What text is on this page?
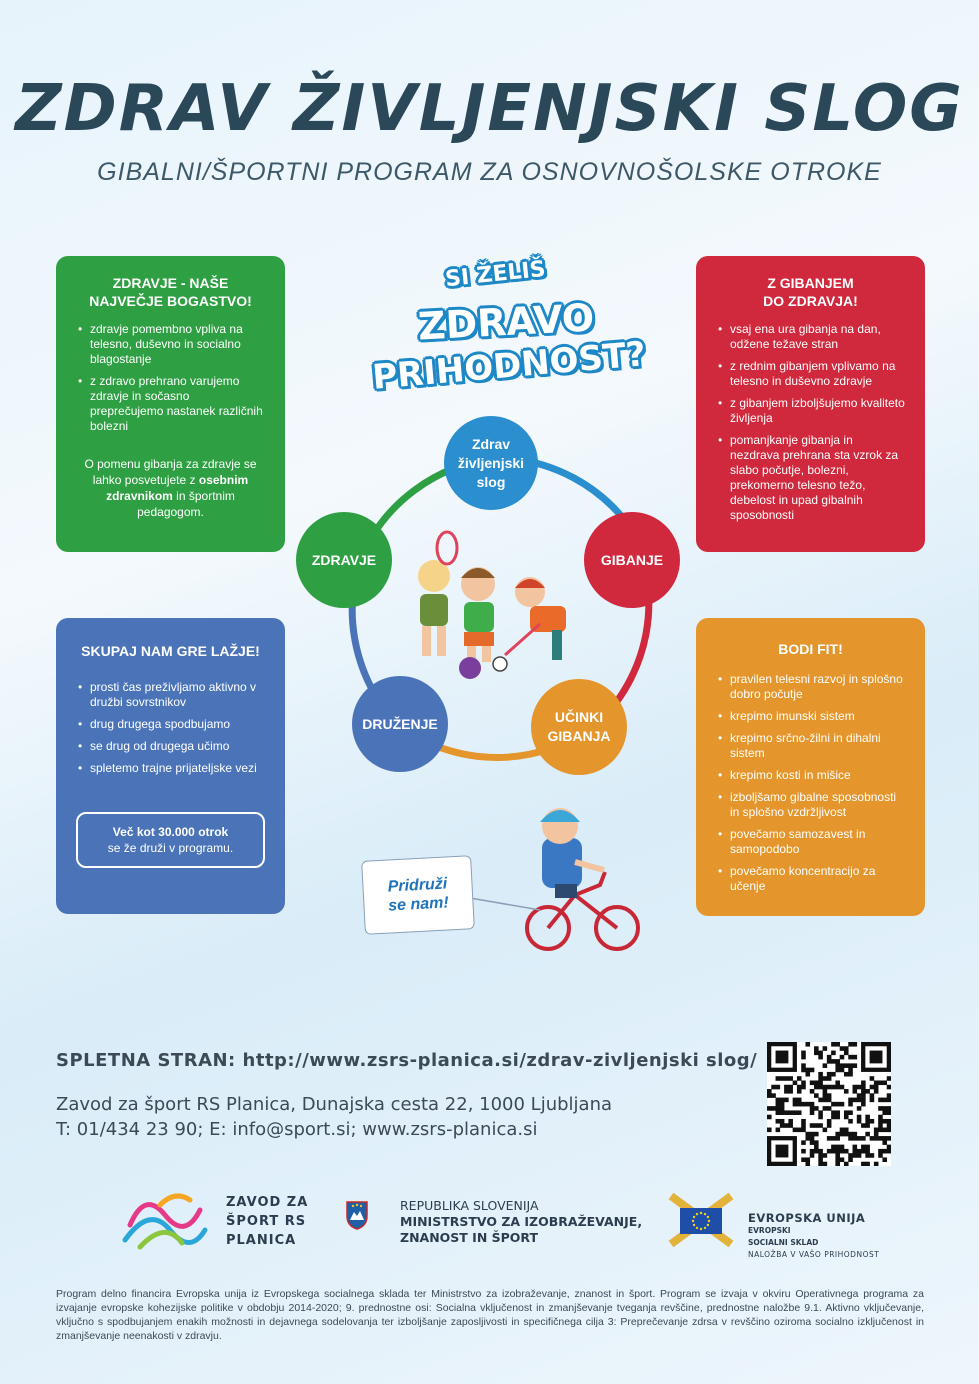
ZDRAV ŽIVLJENJSKI SLOG
GIBALNI/ŠPORTNI PROGRAM ZA OSNOVNOŠOLSKE OTROKE
ZDRAVJE - NAŠE
NAJVEČJE BOGASTVO!
• zdravje pomembno vpliva na telesno, duševno in socialno blagostanje
• z zdravo prehrano varujemo zdravje in sočasno preprečujemo nastanek različnih bolezni

O pomenu gibanja za zdravje se lahko posvetujete z osebnim zdravnikom in športnim pedagogom.

SKUPAJ NAM GRE LAŽJE!
• prosti čas preživljamo aktivno v družbi sovrstnikov
• drug drugega spodbujamo
• se drug od drugega učimo
• spletemo trajne prijateljske vezi
Več kot 30.000 otrok
se že druži v programu.
Z GIBANJEM
DO ZDRAVJA!
• vsaj ena ura gibanja na dan, odžene težave stran
• z rednim gibanjem vplivamo na telesno in duševno zdravje
• z gibanjem izboljšujemo kvaliteto življenja
• pomanjkanje gibanja in nezdrava prehrana sta vzrok za slabo počutje, bolezni, prekomerno telesno težo, debelost in upad gibalnih sposobnosti
BODI FIT!
• pravilen telesni razvoj in splošno dobro počutje
• krepimo imunski sistem
• krepimo srčno-žilni in dihalni sistem
• krepimo kosti in mišice
• izboljšamo gibalne sposobnosti in splošno vzdržljivost
• povečamo samozavest in samopodobo
• povečamo koncentracijo za učenje
SI ŽELIŠ
ZDRAVO
PRIHODNOST?
Zdrav
življenjski
slog
ZDRAVJE	GIBANJE
DRUŽENJE	UČINKI
GIBANJA
Pridruži
se nam!
SPLETNA STRAN: http://www.zsrs-planica.si/zdrav-zivljenjski slog/
Zavod za šport RS Planica, Dunajska cesta 22, 1000 Ljubljana
T: 01/434 23 90; E: info@sport.si; www.zsrs-planica.si
ZAVOD ZA
ŠPORT RS
PLANICA
REPUBLIKA SLOVENIJA
MINISTRSTVO ZA IZOBRAŽEVANJE,
ZNANOST IN ŠPORT
EVROPSKA UNIJA
EVROPSKI
SOCIALNI SKLAD
NALOŽBA V VAŠO PRIHODNOST
Program delno financira Evropska unija iz Evropskega socialnega sklada ter Ministrstvo za izobraževanje, znanost in šport. Program se izvaja v okviru Operativnega programa za izvajanje evropske kohezijske politike v obdobju 2014-2020; 9. prednostne osi: Socialna vključenost in zmanjševanje tveganja revščine, prednostne naložbe 9.1. Aktivno vključevanje, vključno s spodbujanjem enakih možnosti in dejavnega sodelovanja ter izboljšanje zaposljivosti in specifičnega cilja 3: Preprečevanje zdrsa v revščino oziroma socialno izključenost in zmanjševanje neenakosti v zdravju.
